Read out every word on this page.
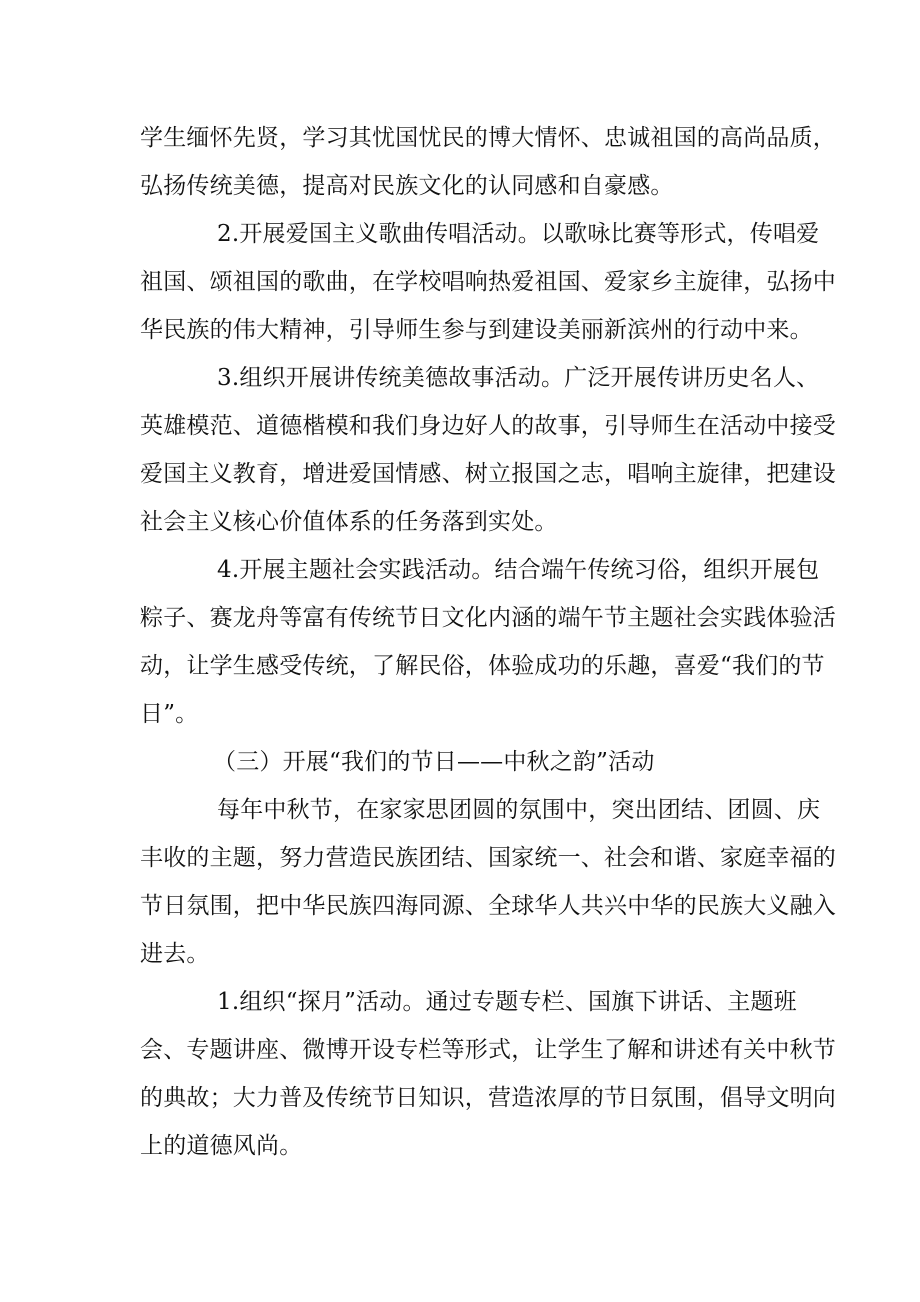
学生缅怀先贤，学习其忧国忧民的博大情怀、忠诚祖国的高尚品质，
弘扬传统美德，提高对民族文化的认同感和自豪感。
2.开展爱国主义歌曲传唱活动。以歌咏比赛等形式，传唱爱
祖国、颂祖国的歌曲，在学校唱响热爱祖国、爱家乡主旋律，弘扬中
华民族的伟大精神，引导师生参与到建设美丽新滨州的行动中来。
3.组织开展讲传统美德故事活动。广泛开展传讲历史名人、
英雄模范、道德楷模和我们身边好人的故事，引导师生在活动中接受
爱国主义教育，增进爱国情感、树立报国之志，唱响主旋律，把建设
社会主义核心价值体系的任务落到实处。
4.开展主题社会实践活动。结合端午传统习俗，组织开展包
粽子、赛龙舟等富有传统节日文化内涵的端午节主题社会实践体验活
动，让学生感受传统，了解民俗，体验成功的乐趣，喜爱“我们的节
日”。
（三）开展“我们的节日——中秋之韵”活动
每年中秋节，在家家思团圆的氛围中，突出团结、团圆、庆
丰收的主题，努力营造民族团结、国家统一、社会和谐、家庭幸福的
节日氛围，把中华民族四海同源、全球华人共兴中华的民族大义融入
进去。
1.组织“探月”活动。通过专题专栏、国旗下讲话、主题班
会、专题讲座、微博开设专栏等形式，让学生了解和讲述有关中秋节
的典故；大力普及传统节日知识，营造浓厚的节日氛围，倡导文明向
上的道德风尚。
